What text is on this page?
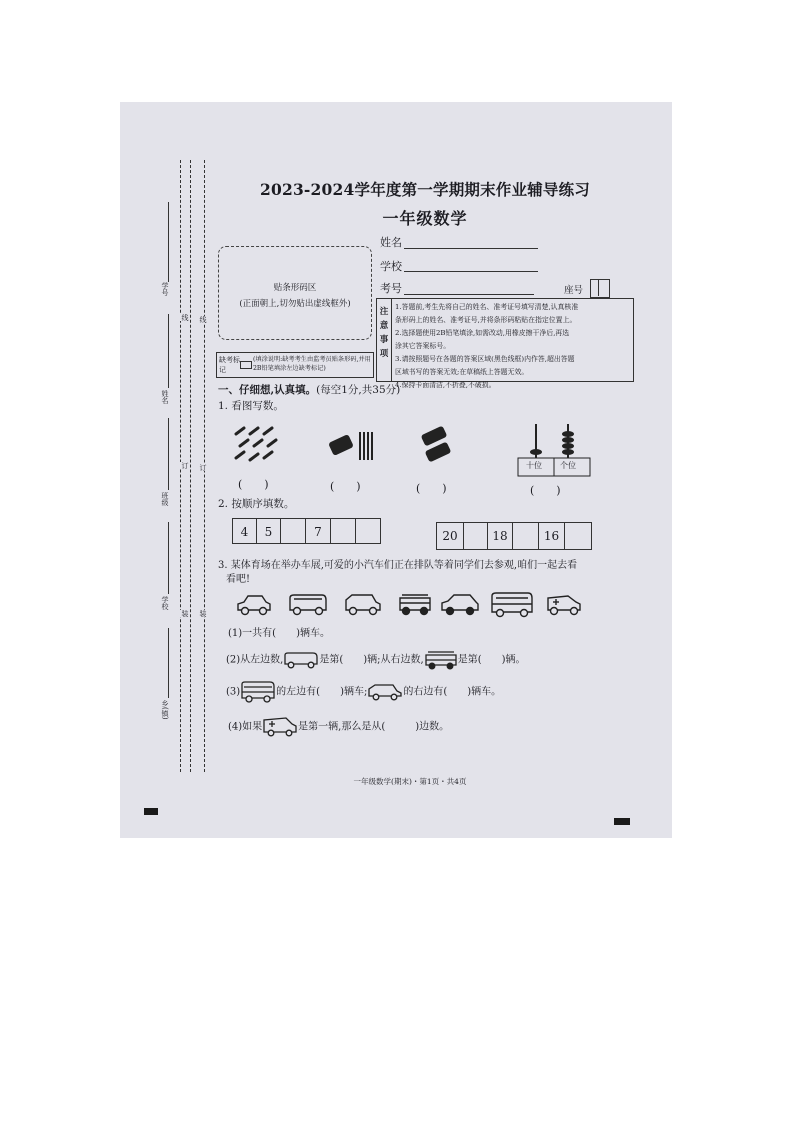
学号
姓名
班级
学校
乡(镇)
线 线
订 订
装 装
2023-2024学年度第一学期期末作业辅导练习
一年级数学
贴条形码区
(正面朝上,切勿贴出虚线框外)
姓名
学校
考号	座号
注
意
事
项
1.答题前,考生先将自己的姓名、准考证号填写清楚,认真核准
条形码上的姓名、准考证号,并将条形码粘贴在指定位置上。
2.选择题使用2B铅笔填涂,如需改动,用橡皮擦干净后,再选
涂其它答案标号。
3.请按照题号在各题的答案区域(黑色线框)内作答,超出答题
区域书写的答案无效;在草稿纸上答题无效。
4.保持卡面清洁,不折叠,不破损。
缺考标记
(填涂说明:缺考考生由监考员贴条形码,并用2B铅笔填涂左边缺考标记)
一、仔细想,认真填。(每空1分,共35分)
1. 看图写数。
十位 个位
(　　)	(　　)	(　　)	(　　)
2. 按顺序填数。
4	5	7	20	18	16
3. 某体育场在举办车展,可爱的小汽车们正在排队等着同学们去参观,咱们一起去看
看吧!
(1)一共有(　　)辆车。
(2)从左边数,	是第(　　)辆;从右边数,	是第(　　)辆。
(3)	的左边有(　　)辆车;	的右边有(　　)辆车。
(4)如果	是第一辆,那么是从(　　　)边数。
一年级数学(期末)・第1页・共4页
